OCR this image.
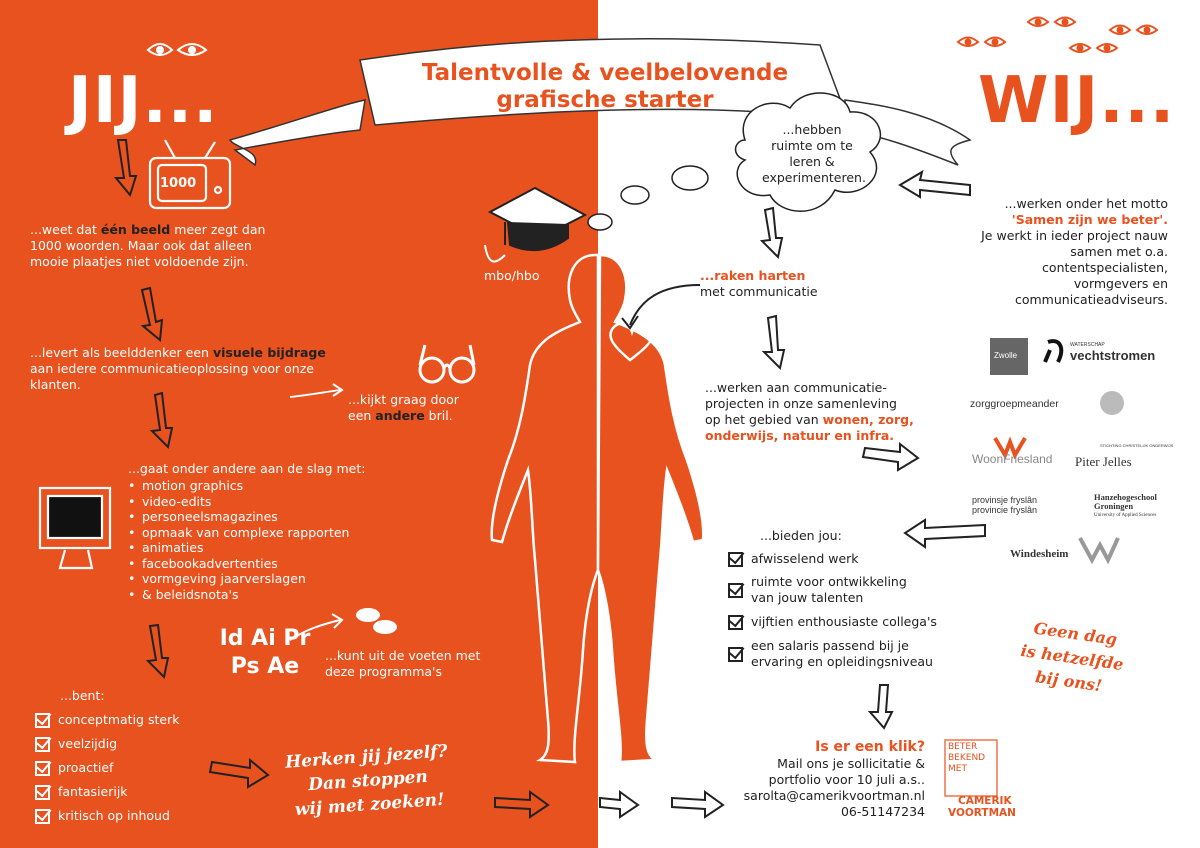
Talentvolle & veelbelovende
grafische starter
JIJ...
1000
...weet dat één beeld meer zegt dan 1000 woorden. Maar ook dat alleen mooie plaatjes niet voldoende zijn.
...levert als beelddenker een visuele bijdrage aan iedere communicatieoplossing voor onze klanten.
...kijkt graag door een andere bril.
...gaat onder andere aan de slag met:
• motion graphics
• video-edits
• personeelsmagazines
• opmaak van complexe rapporten
• animaties
• facebookadvertenties
• vormgeving jaarverslagen
• & beleidsnota's
Id Ai Pr
Ps Ae	...kunt uit de voeten met deze programma's
...bent:
conceptmatig sterk
veelzijdig
proactief
fantasierijk
kritisch op inhoud
Herken jij jezelf?
Dan stoppen
wij met zoeken!
mbo/hbo
WIJ...
...hebben ruimte om te leren & experimenteren.
...werken onder het motto
'Samen zijn we beter'.
Je werkt in ieder project nauw samen met o.a. contentspecialisten, vormgevers en communicatieadviseurs.
...raken harten
met communicatie
...werken aan communicatie-projecten in onze samenleving op het gebied van wonen, zorg, onderwijs, natuur en infra.
...bieden jou:
afwisselend werk
ruimte voor ontwikkeling van jouw talenten
vijftien enthousiaste collega's
een salaris passend bij je ervaring en opleidingsniveau
Geen dag
is hetzelfde
bij ons!
Is er een klik?
Mail ons je sollicitatie &
portfolio voor 10 juli a.s..
sarolta@camerikvoortman.nl
06-51147234
BETER
BEKEND
MET
CAMERIK
VOORTMAN
Zwolle
WATERSCHAP
vechtstromen
zorggroepmeander
WoonFriesland
STICHTING CHRISTELIJK ONDERWIJS
Piter Jelles
provinsje fryslân
provincie fryslân
Hanzehogeschool
Groningen
University of Applied Sciences
Windesheim
